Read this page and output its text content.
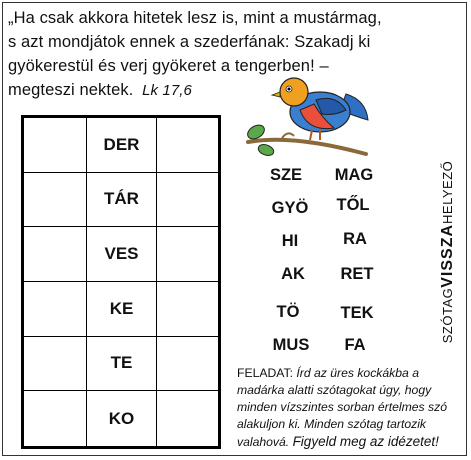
„Ha csak akkora hitetek lesz is, mint a mustármag,
s azt mondjátok ennek a szederfának: Szakadj ki
gyökerestül és verj gyökeret a tengerben! –
megteszi nektek. Lk 17,6
DER
TÁR
VES
KE
TE
KO
SZE MAG
GYÖ TŐL
HI	RA
AK RET
TÖ TEK
MUS FA
SZÓTAGVISSZAHELYEZŐ
FELADAT: Írd az üres kockákba a madárka alatti szótagokat úgy, hogy minden vízszintes sorban értelmes szó alakuljon ki. Minden szótag tartozik valahová. Figyeld meg az idézetet!
